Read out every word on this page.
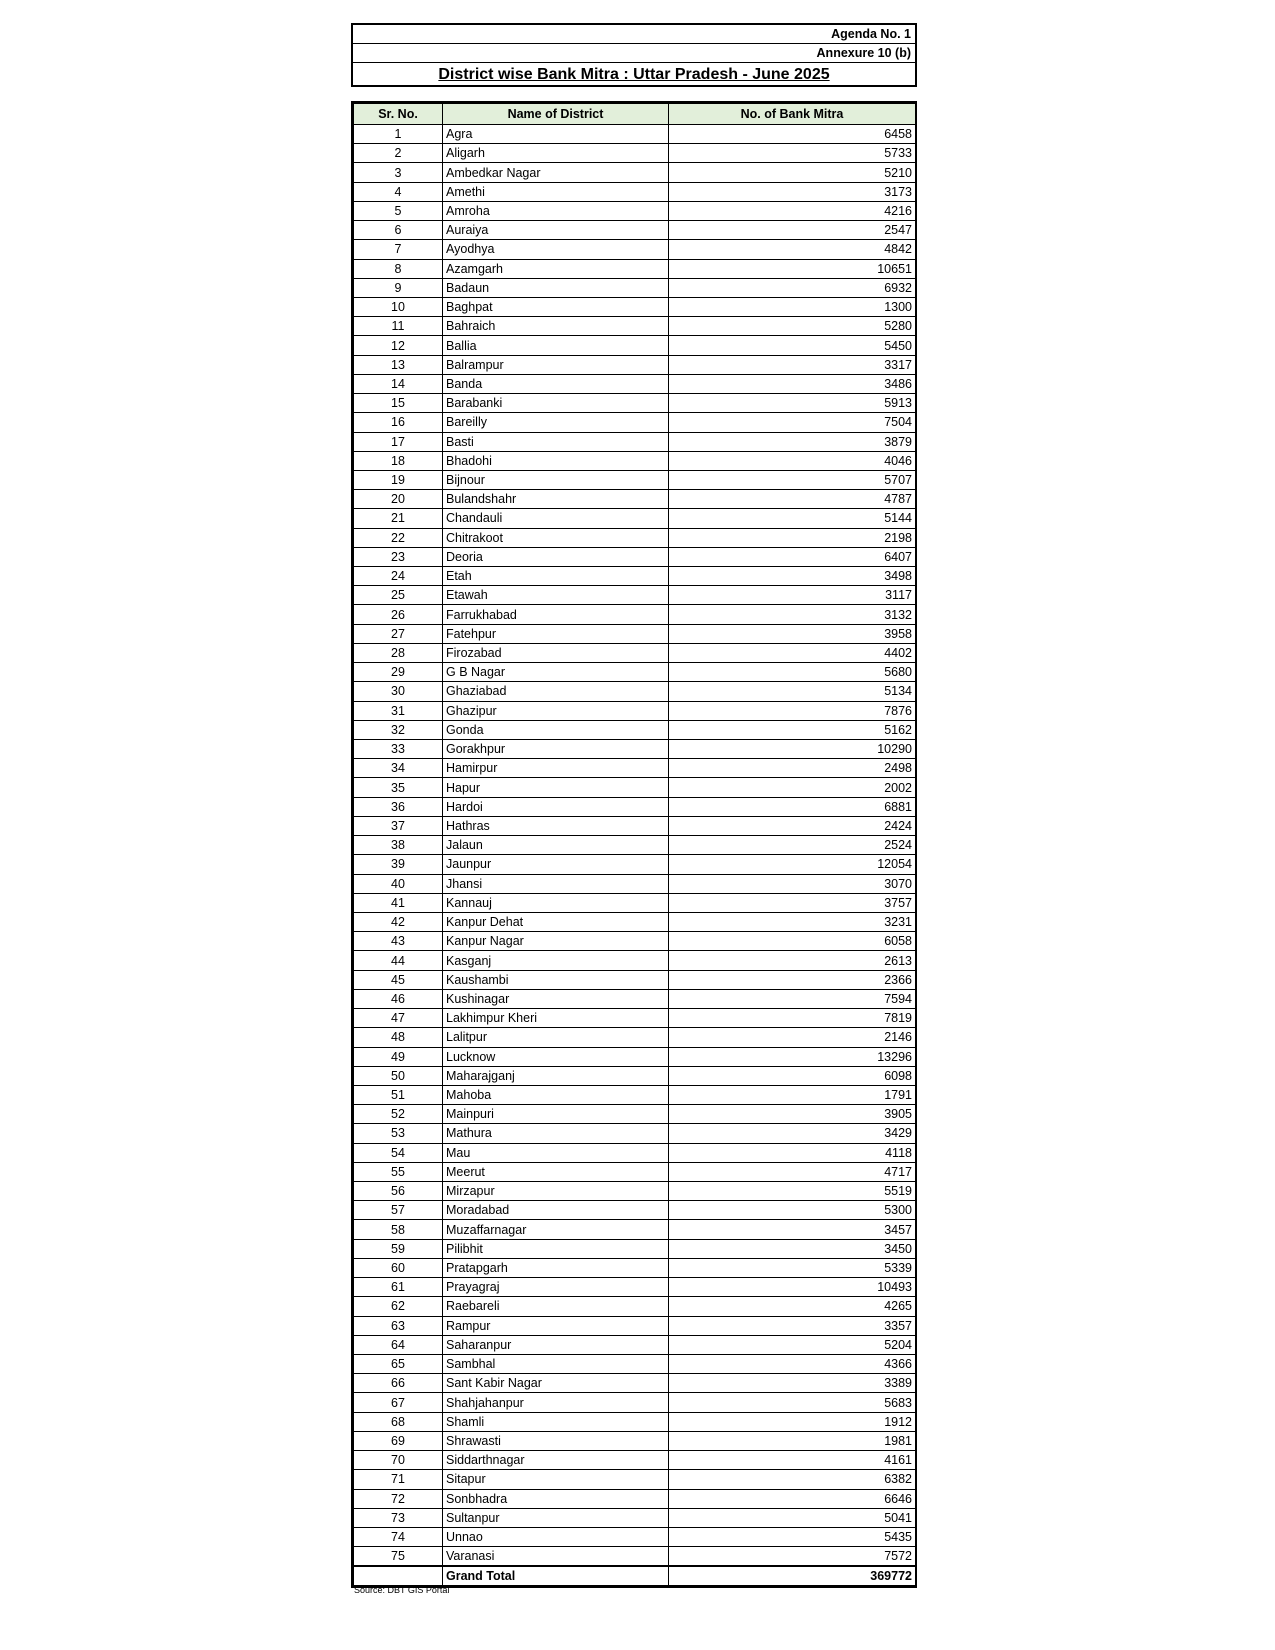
Agenda No. 1
Annexure 10 (b)
District wise Bank Mitra : Uttar Pradesh - June 2025
Sr. No.	Name of District	No. of Bank Mitra
1	Agra	6458
2	Aligarh	5733
3	Ambedkar Nagar	5210
4	Amethi	3173
5	Amroha	4216
6	Auraiya	2547
7	Ayodhya	4842
8	Azamgarh	10651
9	Badaun	6932
10	Baghpat	1300
11	Bahraich	5280
12	Ballia	5450
13	Balrampur	3317
14	Banda	3486
15	Barabanki	5913
16	Bareilly	7504
17	Basti	3879
18	Bhadohi	4046
19	Bijnour	5707
20	Bulandshahr	4787
21	Chandauli	5144
22	Chitrakoot	2198
23	Deoria	6407
24	Etah	3498
25	Etawah	3117
26	Farrukhabad	3132
27	Fatehpur	3958
28	Firozabad	4402
29	G B Nagar	5680
30	Ghaziabad	5134
31	Ghazipur	7876
32	Gonda	5162
33	Gorakhpur	10290
34	Hamirpur	2498
35	Hapur	2002
36	Hardoi	6881
37	Hathras	2424
38	Jalaun	2524
39	Jaunpur	12054
40	Jhansi	3070
41	Kannauj	3757
42	Kanpur Dehat	3231
43	Kanpur Nagar	6058
44	Kasganj	2613
45	Kaushambi	2366
46	Kushinagar	7594
47	Lakhimpur Kheri	7819
48	Lalitpur	2146
49	Lucknow	13296
50	Maharajganj	6098
51	Mahoba	1791
52	Mainpuri	3905
53	Mathura	3429
54	Mau	4118
55	Meerut	4717
56	Mirzapur	5519
57	Moradabad	5300
58	Muzaffarnagar	3457
59	Pilibhit	3450
60	Pratapgarh	5339
61	Prayagraj	10493
62	Raebareli	4265
63	Rampur	3357
64	Saharanpur	5204
65	Sambhal	4366
66	Sant Kabir Nagar	3389
67	Shahjahanpur	5683
68	Shamli	1912
69	Shrawasti	1981
70	Siddarthnagar	4161
71	Sitapur	6382
72	Sonbhadra	6646
73	Sultanpur	5041
74	Unnao	5435
75	Varanasi	7572
	Grand Total	369772
Source: DBT GIS Portal
